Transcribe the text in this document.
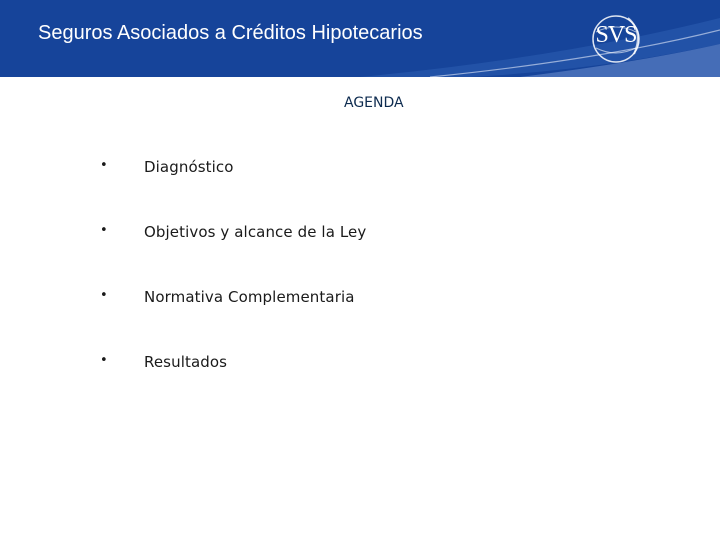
Seguros Asociados a Créditos Hipotecarios	SVS
AGENDA
• Diagnóstico
• Objetivos y alcance de la Ley
• Normativa Complementaria
• Resultados
